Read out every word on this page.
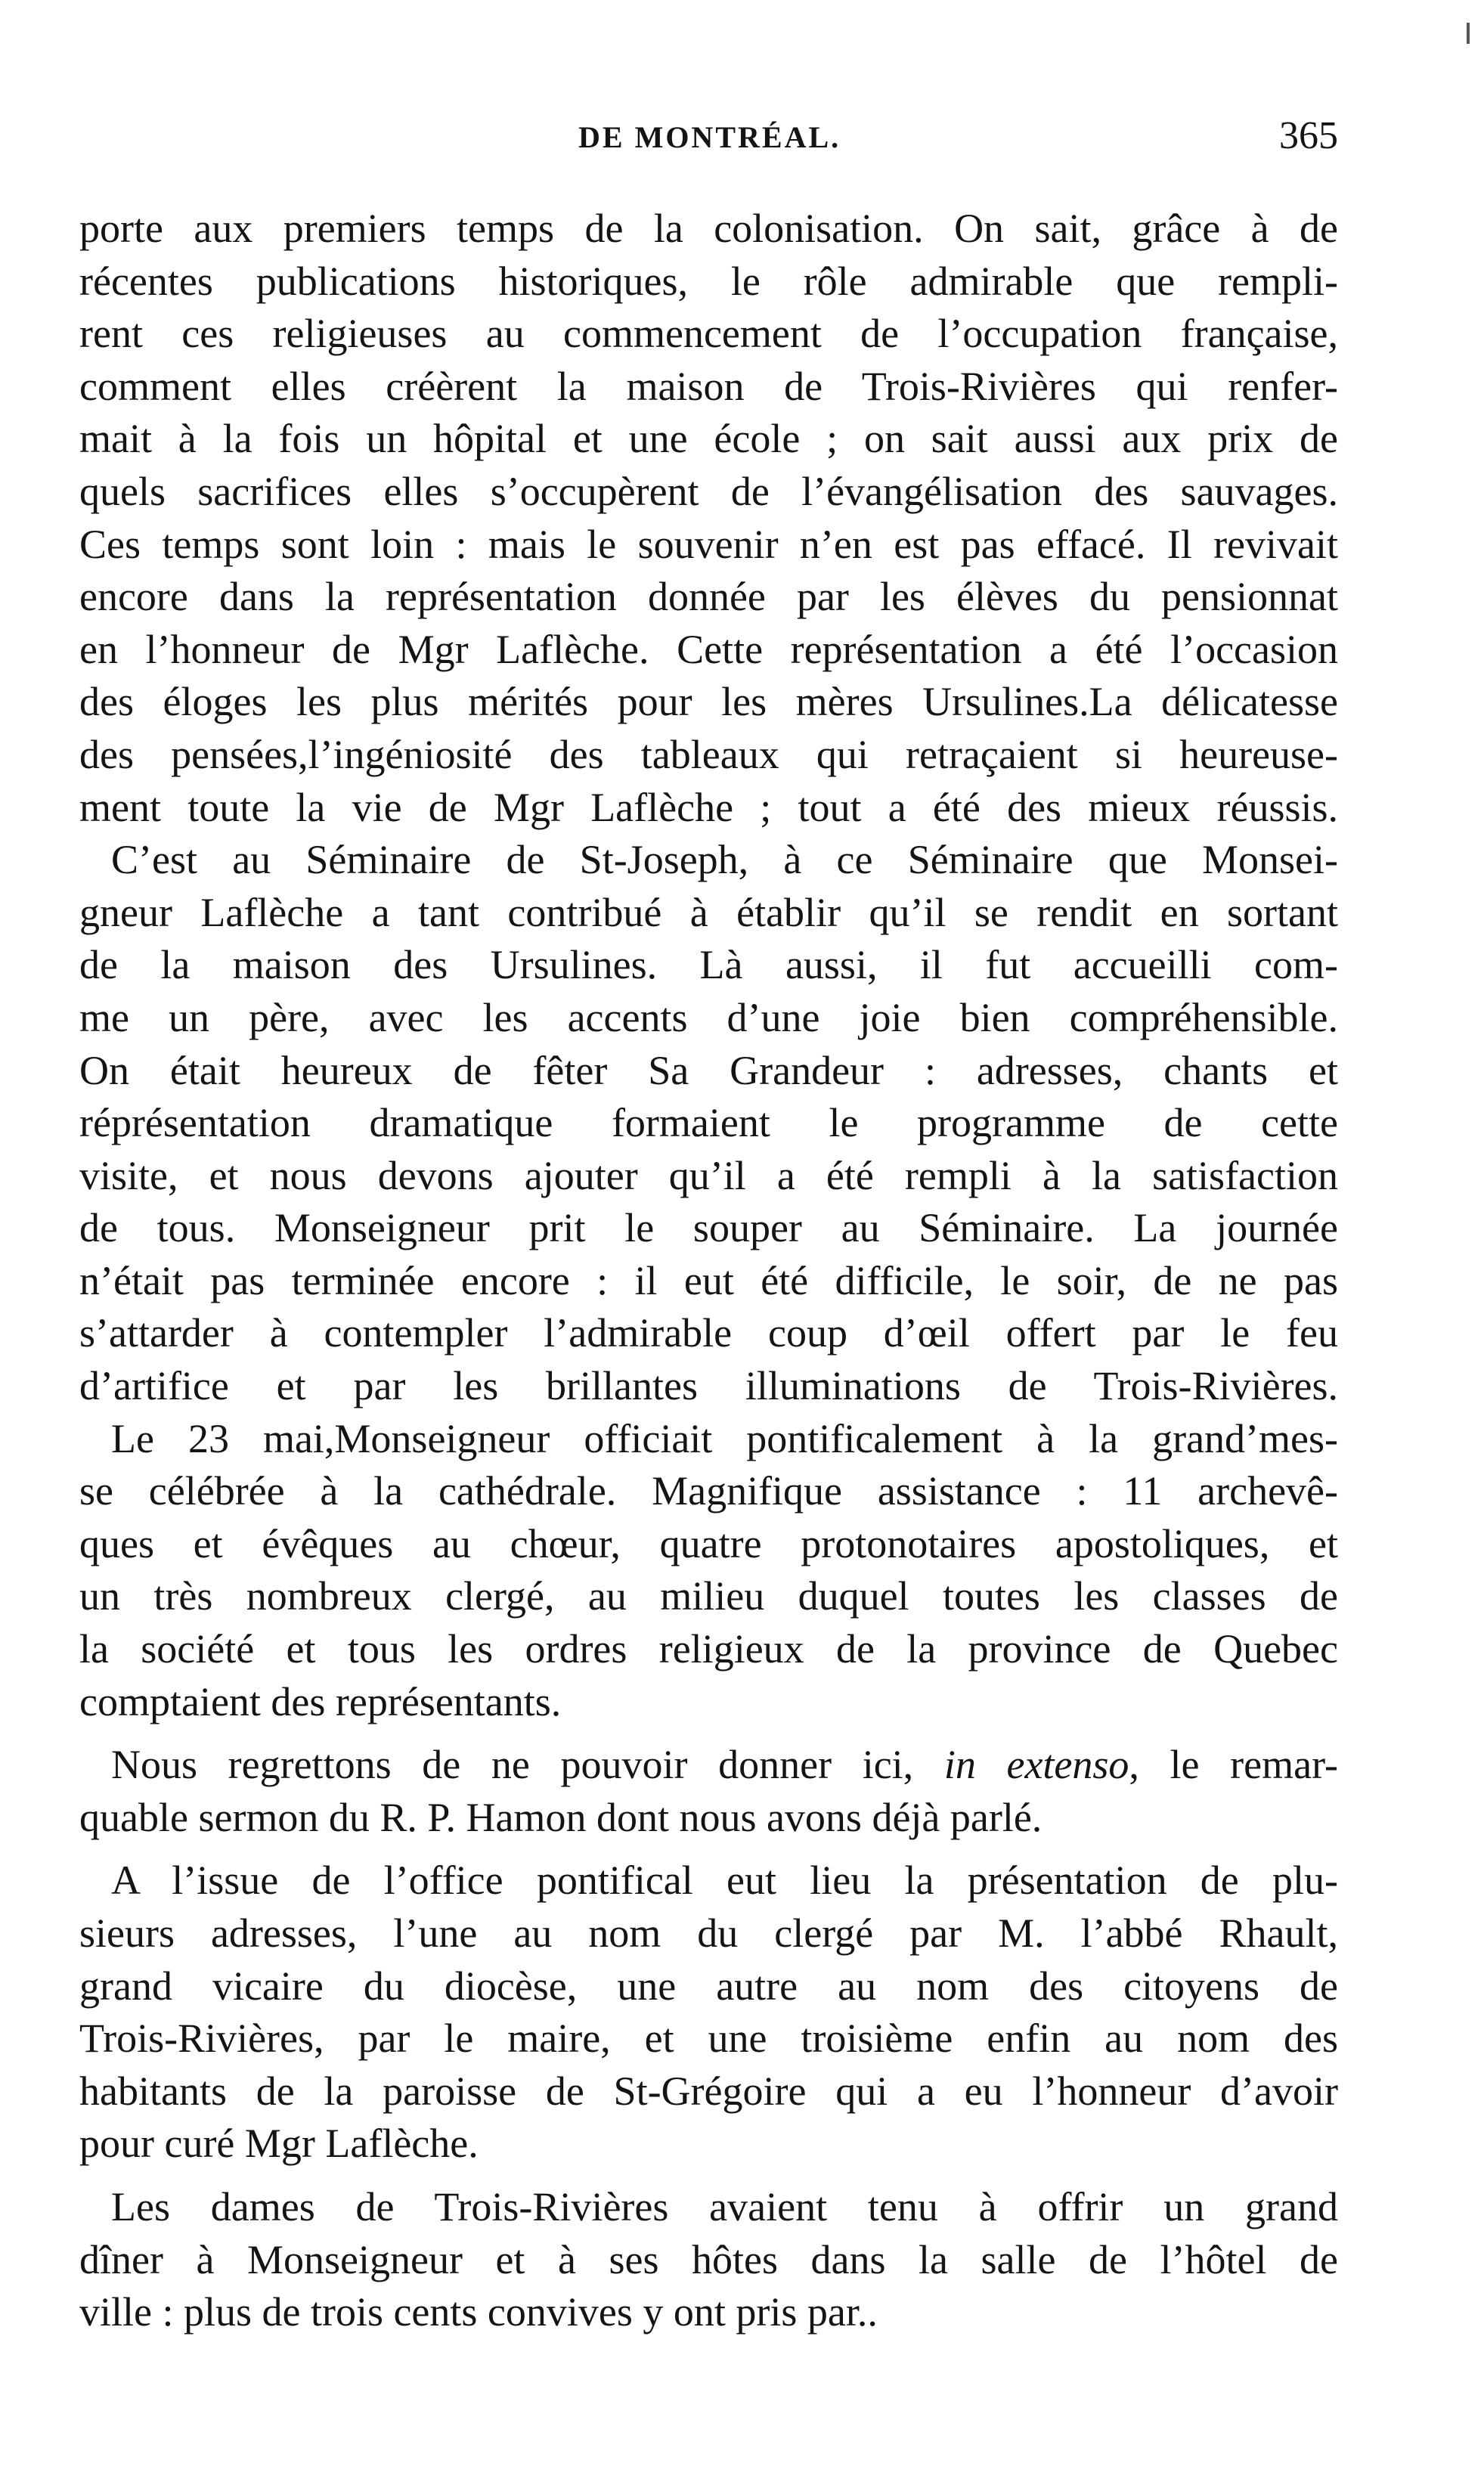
DE MONTRÉAL.	365
porte aux premiers temps de la colonisation. On sait, grâce à de
récentes publications historiques, le rôle admirable que rempli-
rent ces religieuses au commencement de l’occupation française,
comment elles créèrent la maison de Trois-Rivières qui renfer-
mait à la fois un hôpital et une école ; on sait aussi aux prix de
quels sacrifices elles s’occupèrent de l’évangélisation des sauvages.
Ces temps sont loin : mais le souvenir n’en est pas effacé. Il revivait
encore dans la représentation donnée par les élèves du pensionnat
en l’honneur de Mgr Laflèche. Cette représentation a été l’occasion
des éloges les plus mérités pour les mères Ursulines.La délicatesse
des pensées,l’ingéniosité des tableaux qui retraçaient si heureuse-
ment toute la vie de Mgr Laflèche ; tout a été des mieux réussis.
C’est au Séminaire de St-Joseph, à ce Séminaire que Monsei-
gneur Laflèche a tant contribué à établir qu’il se rendit en sortant
de la maison des Ursulines. Là aussi, il fut accueilli com-
me un père, avec les accents d’une joie bien compréhensible.
On était heureux de fêter Sa Grandeur : adresses, chants et
réprésentation dramatique formaient le programme de cette
visite, et nous devons ajouter qu’il a été rempli à la satisfaction
de tous. Monseigneur prit le souper au Séminaire. La journée
n’était pas terminée encore : il eut été difficile, le soir, de ne pas
s’attarder à contempler l’admirable coup d’œil offert par le feu
d’artifice et par les brillantes illuminations de Trois-Rivières.
Le 23 mai,Monseigneur officiait pontificalement à la grand’mes-
se célébrée à la cathédrale. Magnifique assistance : 11 archevê-
ques et évêques au chœur, quatre protonotaires apostoliques, et
un très nombreux clergé, au milieu duquel toutes les classes de
la société et tous les ordres religieux de la province de Quebec
comptaient des représentants.
Nous regrettons de ne pouvoir donner ici, in extenso, le remar-
quable sermon du R. P. Hamon dont nous avons déjà parlé.
A l’issue de l’office pontifical eut lieu la présentation de plu-
sieurs adresses, l’une au nom du clergé par M. l’abbé Rhault,
grand vicaire du diocèse, une autre au nom des citoyens de
Trois-Rivières, par le maire, et une troisième enfin au nom des
habitants de la paroisse de St-Grégoire qui a eu l’honneur d’avoir
pour curé Mgr Laflèche.
Les dames de Trois-Rivières avaient tenu à offrir un grand
dîner à Monseigneur et à ses hôtes dans la salle de l’hôtel de
ville : plus de trois cents convives y ont pris par..
